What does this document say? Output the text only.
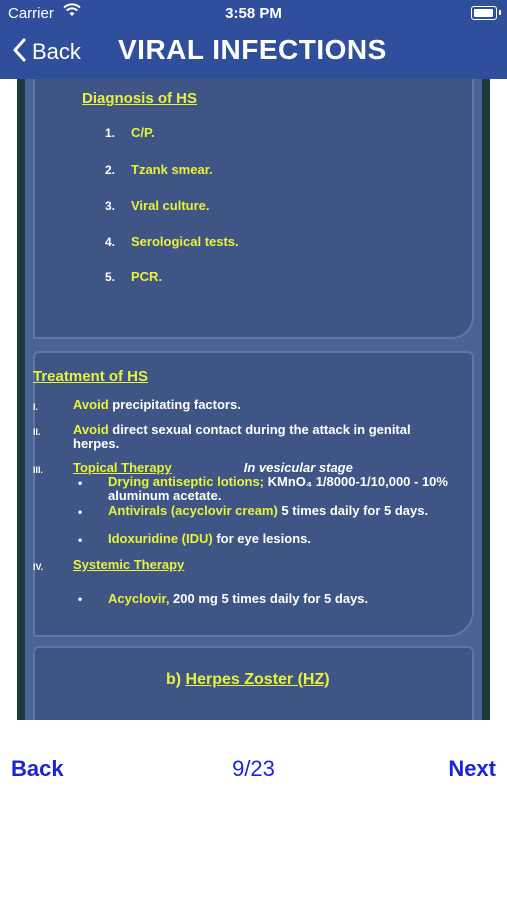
Carrier	3:58 PM
Back VIRAL INFECTIONS
Diagnosis of HS
1. C/P.
2. Tzank smear.
3. Viral culture.
4. Serological tests.
5. PCR.
Treatment of HS
I.	Avoid precipitating factors.
II. Avoid direct sexual contact during the attack in genital herpes.
III. Topical Therapy	In vesicular stage
• Drying antiseptic lotions; KMnO₄ 1/8000-1/10,000 - 10% aluminum acetate.
• Antivirals (acyclovir cream) 5 times daily for 5 days.
• Idoxuridine (IDU) for eye lesions.
IV. Systemic Therapy
• Acyclovir, 200 mg 5 times daily for 5 days.
b) Herpes Zoster (HZ)
Back	9/23	Next
